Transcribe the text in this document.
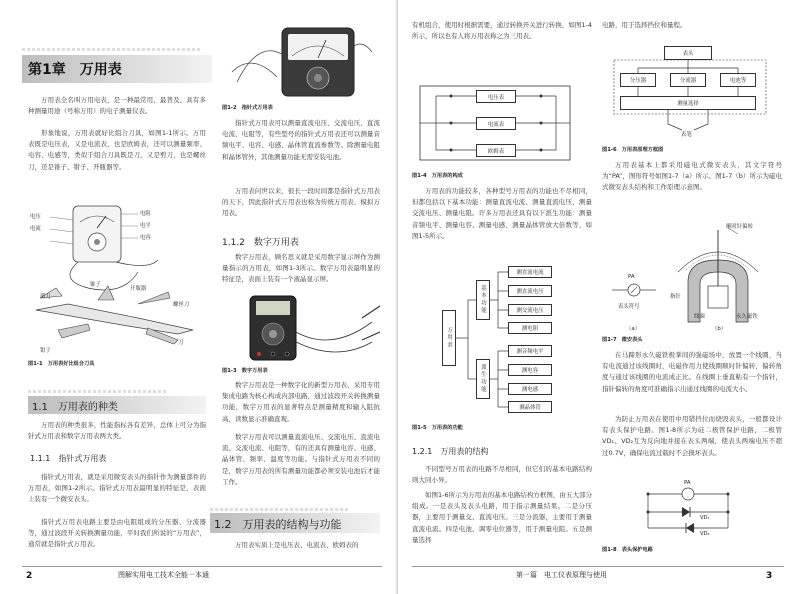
第1章　万用表
万用表全名叫万用电表，是一种最常用、最普及、具有多种测量用途（号称万用）的电子测量仪表。
形象地说，万用表就好比组合刀具，如图1-1所示。万用表既是电压表，又是电流表，也是欧姆表，还可以测量频率、电容、电感等，类似于组合刀具既是刀，又是剪刀，也是螺丝刀，还是锥子、钳子、开瓶器等。
电压
电流
电阻
电平
电容
锥子
开瓶器
剪刀
螺丝刀
钳子
刀
图1-1　万用表好比组合刀具
1.1　万用表的种类
万用表的种类很多，性能指标各有差异，总体上可分为指针式万用表和数字万用表两大类。
1.1.1　指针式万用表
指针式万用表，就是采用微安表头的指针作为测量部件的万用表，如图1-2所示。指针式万用表最明显的特征是，表面上装有一个微安表头。
指针式万用表电路主要是由电阻组成的分压器、分流器等，通过波段开关转换测量功能，平时我们所说的“万用表”，通常就是指针式万用表。
图1-2　指针式万用表
指针式万用表可以测量直流电压、交流电压、直流电流、电阻等，有些型号的指针式万用表还可以测量音频电平、电容、电感、晶体管直流参数等。除测量电阻和晶体管外，其他测量功能无需安装电池。
万用表问世以来，很长一段时间都是指针式万用表的天下，因此指针式万用表也称为传统万用表、模拟万用表。
1.1.2　数字万用表
数字万用表，顾名思义就是采用数字显示屏作为测量指示的万用表，如图1-3所示。数字万用表最明显的特征是，表面上装有一个液晶显示屏。
图1-3　数字万用表
数字万用表是一种数字化的新型万用表，采用专用集成电路为核心构成内部电路，通过波段开关转换测量功能，数字万用表的显著特点是测量精度和输入阻抗高，读数显示准确直观。
数字万用表可以测量直流电压、交流电压、直流电流、交流电流、电阻等，有的还具有测量电容、电感、晶体管、频率、温度等功能。与指针式万用表不同的是，数字万用表的所有测量功能都必须安装电池后才能工作。
1.2　万用表的结构与功能
万用表实质上是电压表、电流表、欧姆表的
2	图解实用电工技术全能一本通
有机组合，使用时根据需要，通过转换开关进行转换，如图1-4所示，所以也有人将万用表称之为三用表。
电压表
电流表
欧姆表
图1-4　万用表的构成
万用表的功能较多，各种型号万用表的功能也不尽相同，但都包括以下基本功能：测量直流电流、测量直流电压、测量交流电压、测量电阻。许多万用表还具有以下派生功能：测量音频电平、测量电容、测量电感、测量晶体管放大倍数等，如图1-5所示。
万用表
基本功能
派生功能
测直流电流
测直流电压
测交流电压
测电阻
测音频电平
测电容
测电感
测晶体管
图1-5　万用表的功能
1.2.1　万用表的结构
不同型号万用表的电路不尽相同，但它们的基本电路结构则大同小异。
如图1-6所示为万用表的基本电路结构方框图，由五大部分组成。一是表头及表头电路，用于指示测量结果。二是分压器，主要用于测量交、直流电压。三是分流器，主要用于测量直流电流。四是电池、调零电位器等，用于测量电阻。五是测量选择
电路，用于选择挡位和量程。
表头
分压器	分流器	电池等
测量选择
表笔
图1-6　万用表原理方框图
万用表基本上都采用磁电式微安表头，其文字符号为“PA”，图形符号如图1-7（a）所示。图1-7（b）所示为磁电式微安表头结构和工作原理示意图。
PA
表头符号
顺时针偏转
指针
线圈	永久磁铁
（a）	（b）
图1-7　微安表头
在马蹄形永久磁铁极掌间的强磁场中，放置一个线圈，当有电流通过该线圈时，电磁作用力使线圈顺时针偏转，偏转角度与通过该线圈的电流成正比。在线圈上垂直粘有一个指针，指针偏转的角度可准确指示出通过线圈的电流大小。
为防止万用表在使用中用错挡位而烧毁表头，一般都设计有表头保护电路。图1-8所示为硅二极管保护电路，二极管VD₁、VD₂互为反向地并接在表头两端，使表头两端电压不超过0.7V，确保电流过载时不会损坏表头。
PA
VD₁
VD₂
图1-8　表头保护电路
第一篇　电工仪表原理与使用	3
